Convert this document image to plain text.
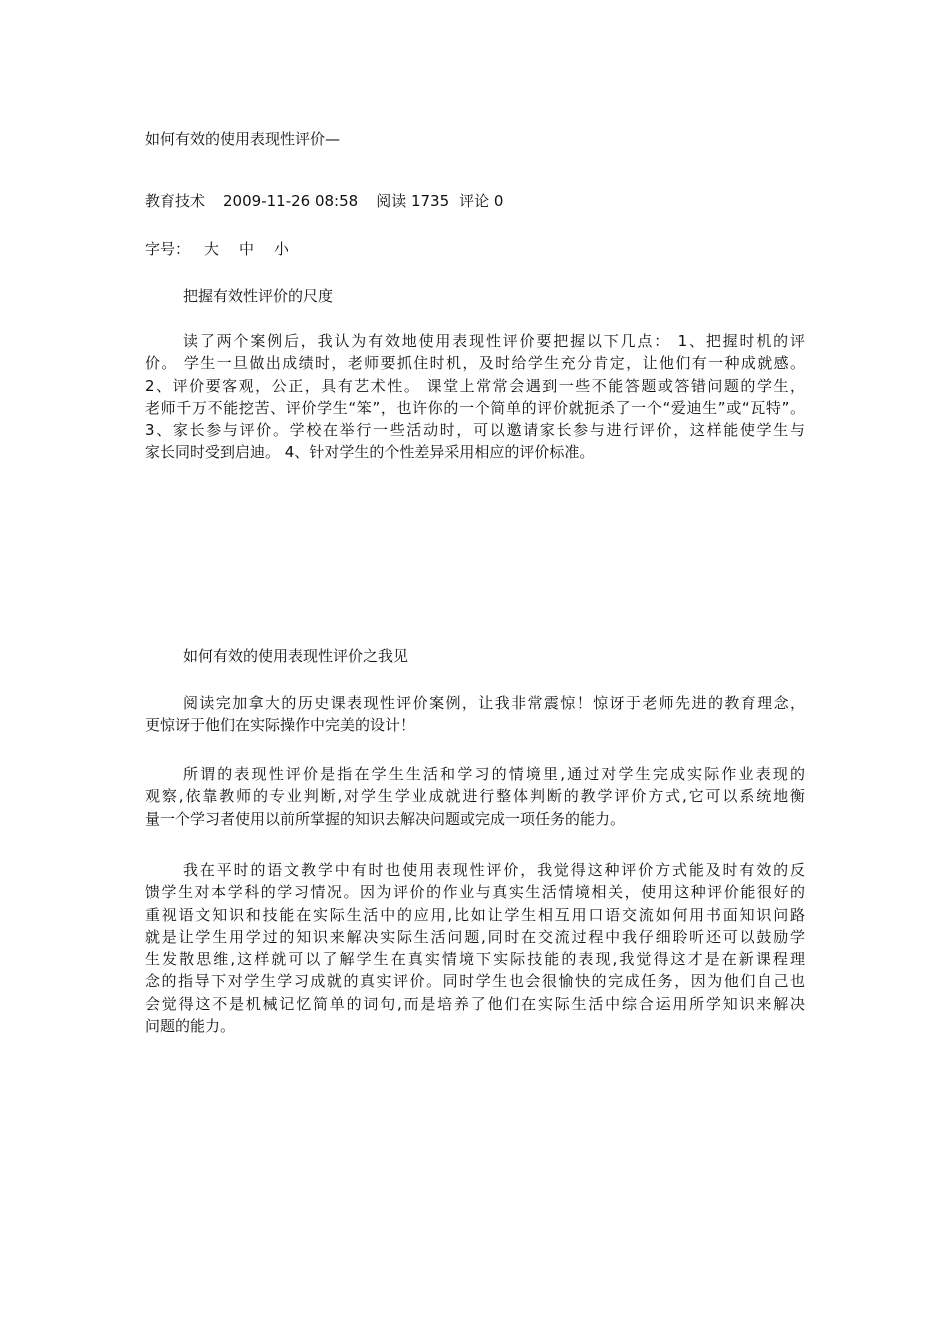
如何有效的使用表现性评价—
教育技术 2009-11-26 08:58 阅读 1735 评论 0
字号： 大 中 小
把握有效性评价的尺度
读了两个案例后，我认为有效地使用表现性评价要把握以下几点： 1、把握时机的评
价。 学生一旦做出成绩时，老师要抓住时机，及时给学生充分肯定，让他们有一种成就感。
2、评价要客观，公正，具有艺术性。 课堂上常常会遇到一些不能答题或答错问题的学生，
老师千万不能挖苦、评价学生“笨”，也许你的一个简单的评价就扼杀了一个“爱迪生”或“瓦特”。
3、家长参与评价。学校在举行一些活动时，可以邀请家长参与进行评价，这样能使学生与
家长同时受到启迪。 4、针对学生的个性差异采用相应的评价标准。
如何有效的使用表现性评价之我见
阅读完加拿大的历史课表现性评价案例，让我非常震惊！惊讶于老师先进的教育理念，
更惊讶于他们在实际操作中完美的设计！
所谓的表现性评价是指在学生生活和学习的情境里,通过对学生完成实际作业表现的
观察,依靠教师的专业判断,对学生学业成就进行整体判断的教学评价方式,它可以系统地衡
量一个学习者使用以前所掌握的知识去解决问题或完成一项任务的能力。
我在平时的语文教学中有时也使用表现性评价，我觉得这种评价方式能及时有效的反
馈学生对本学科的学习情况。因为评价的作业与真实生活情境相关，使用这种评价能很好的
重视语文知识和技能在实际生活中的应用,比如让学生相互用口语交流如何用书面知识问路
就是让学生用学过的知识来解决实际生活问题,同时在交流过程中我仔细聆听还可以鼓励学
生发散思维,这样就可以了解学生在真实情境下实际技能的表现,我觉得这才是在新课程理
念的指导下对学生学习成就的真实评价。同时学生也会很愉快的完成任务，因为他们自己也
会觉得这不是机械记忆简单的词句,而是培养了他们在实际生活中综合运用所学知识来解决
问题的能力。
